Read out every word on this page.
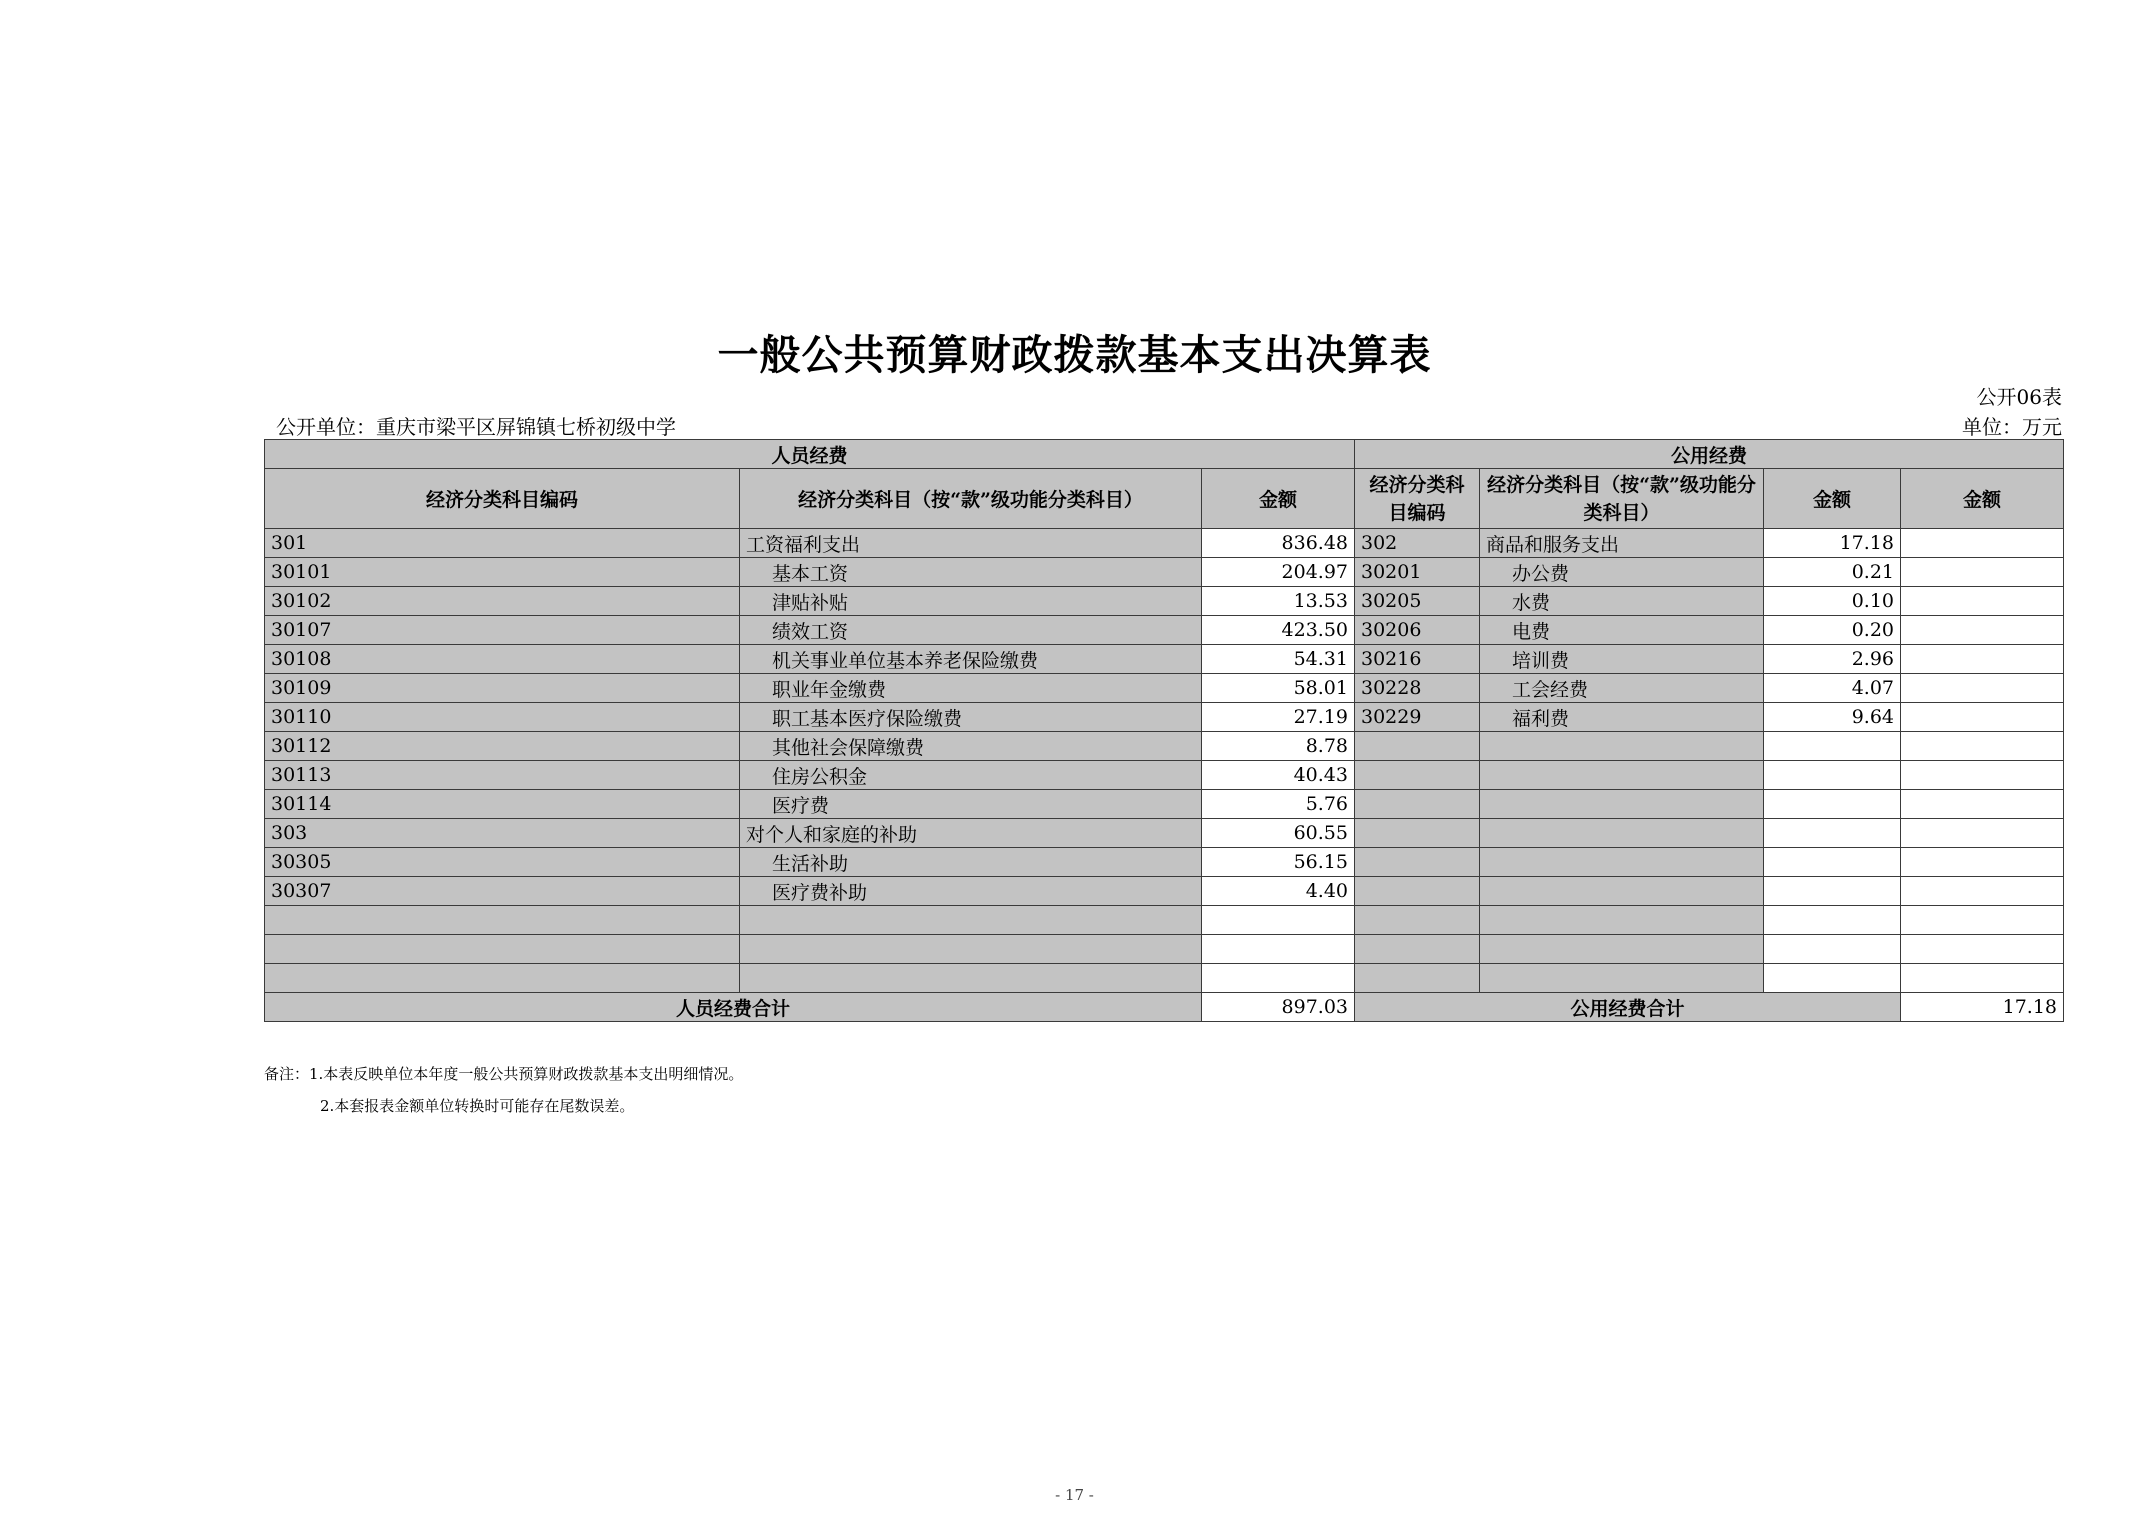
一般公共预算财政拨款基本支出决算表
公开06表
公开单位：重庆市梁平区屏锦镇七桥初级中学	单位：万元
人员经费			公用经费			
经济分类科目编码	经济分类科目（按“款”级功能分类科目）	金额	经济分类科目编码	经济分类科目（按“款”级功能分类科目）	金额	金额
301	工资福利支出	836.48	302	商品和服务支出	17.18	
30101	基本工资	204.97	30201	办公费	0.21	
30102	津贴补贴	13.53	30205	水费	0.10	
30107	绩效工资	423.50	30206	电费	0.20	
30108	机关事业单位基本养老保险缴费	54.31	30216	培训费	2.96	
30109	职业年金缴费	58.01	30228	工会经费	4.07	
30110	职工基本医疗保险缴费	27.19	30229	福利费	9.64	
30112	其他社会保障缴费	8.78				
30113	住房公积金	40.43				
30114	医疗费	5.76				
303	对个人和家庭的补助	60.55				
30305	生活补助	56.15				
30307	医疗费补助	4.40				

人员经费合计		897.03	公用经费合计			17.18
备注：1.本表反映单位本年度一般公共预算财政拨款基本支出明细情况。
2.本套报表金额单位转换时可能存在尾数误差。
- 17 -
